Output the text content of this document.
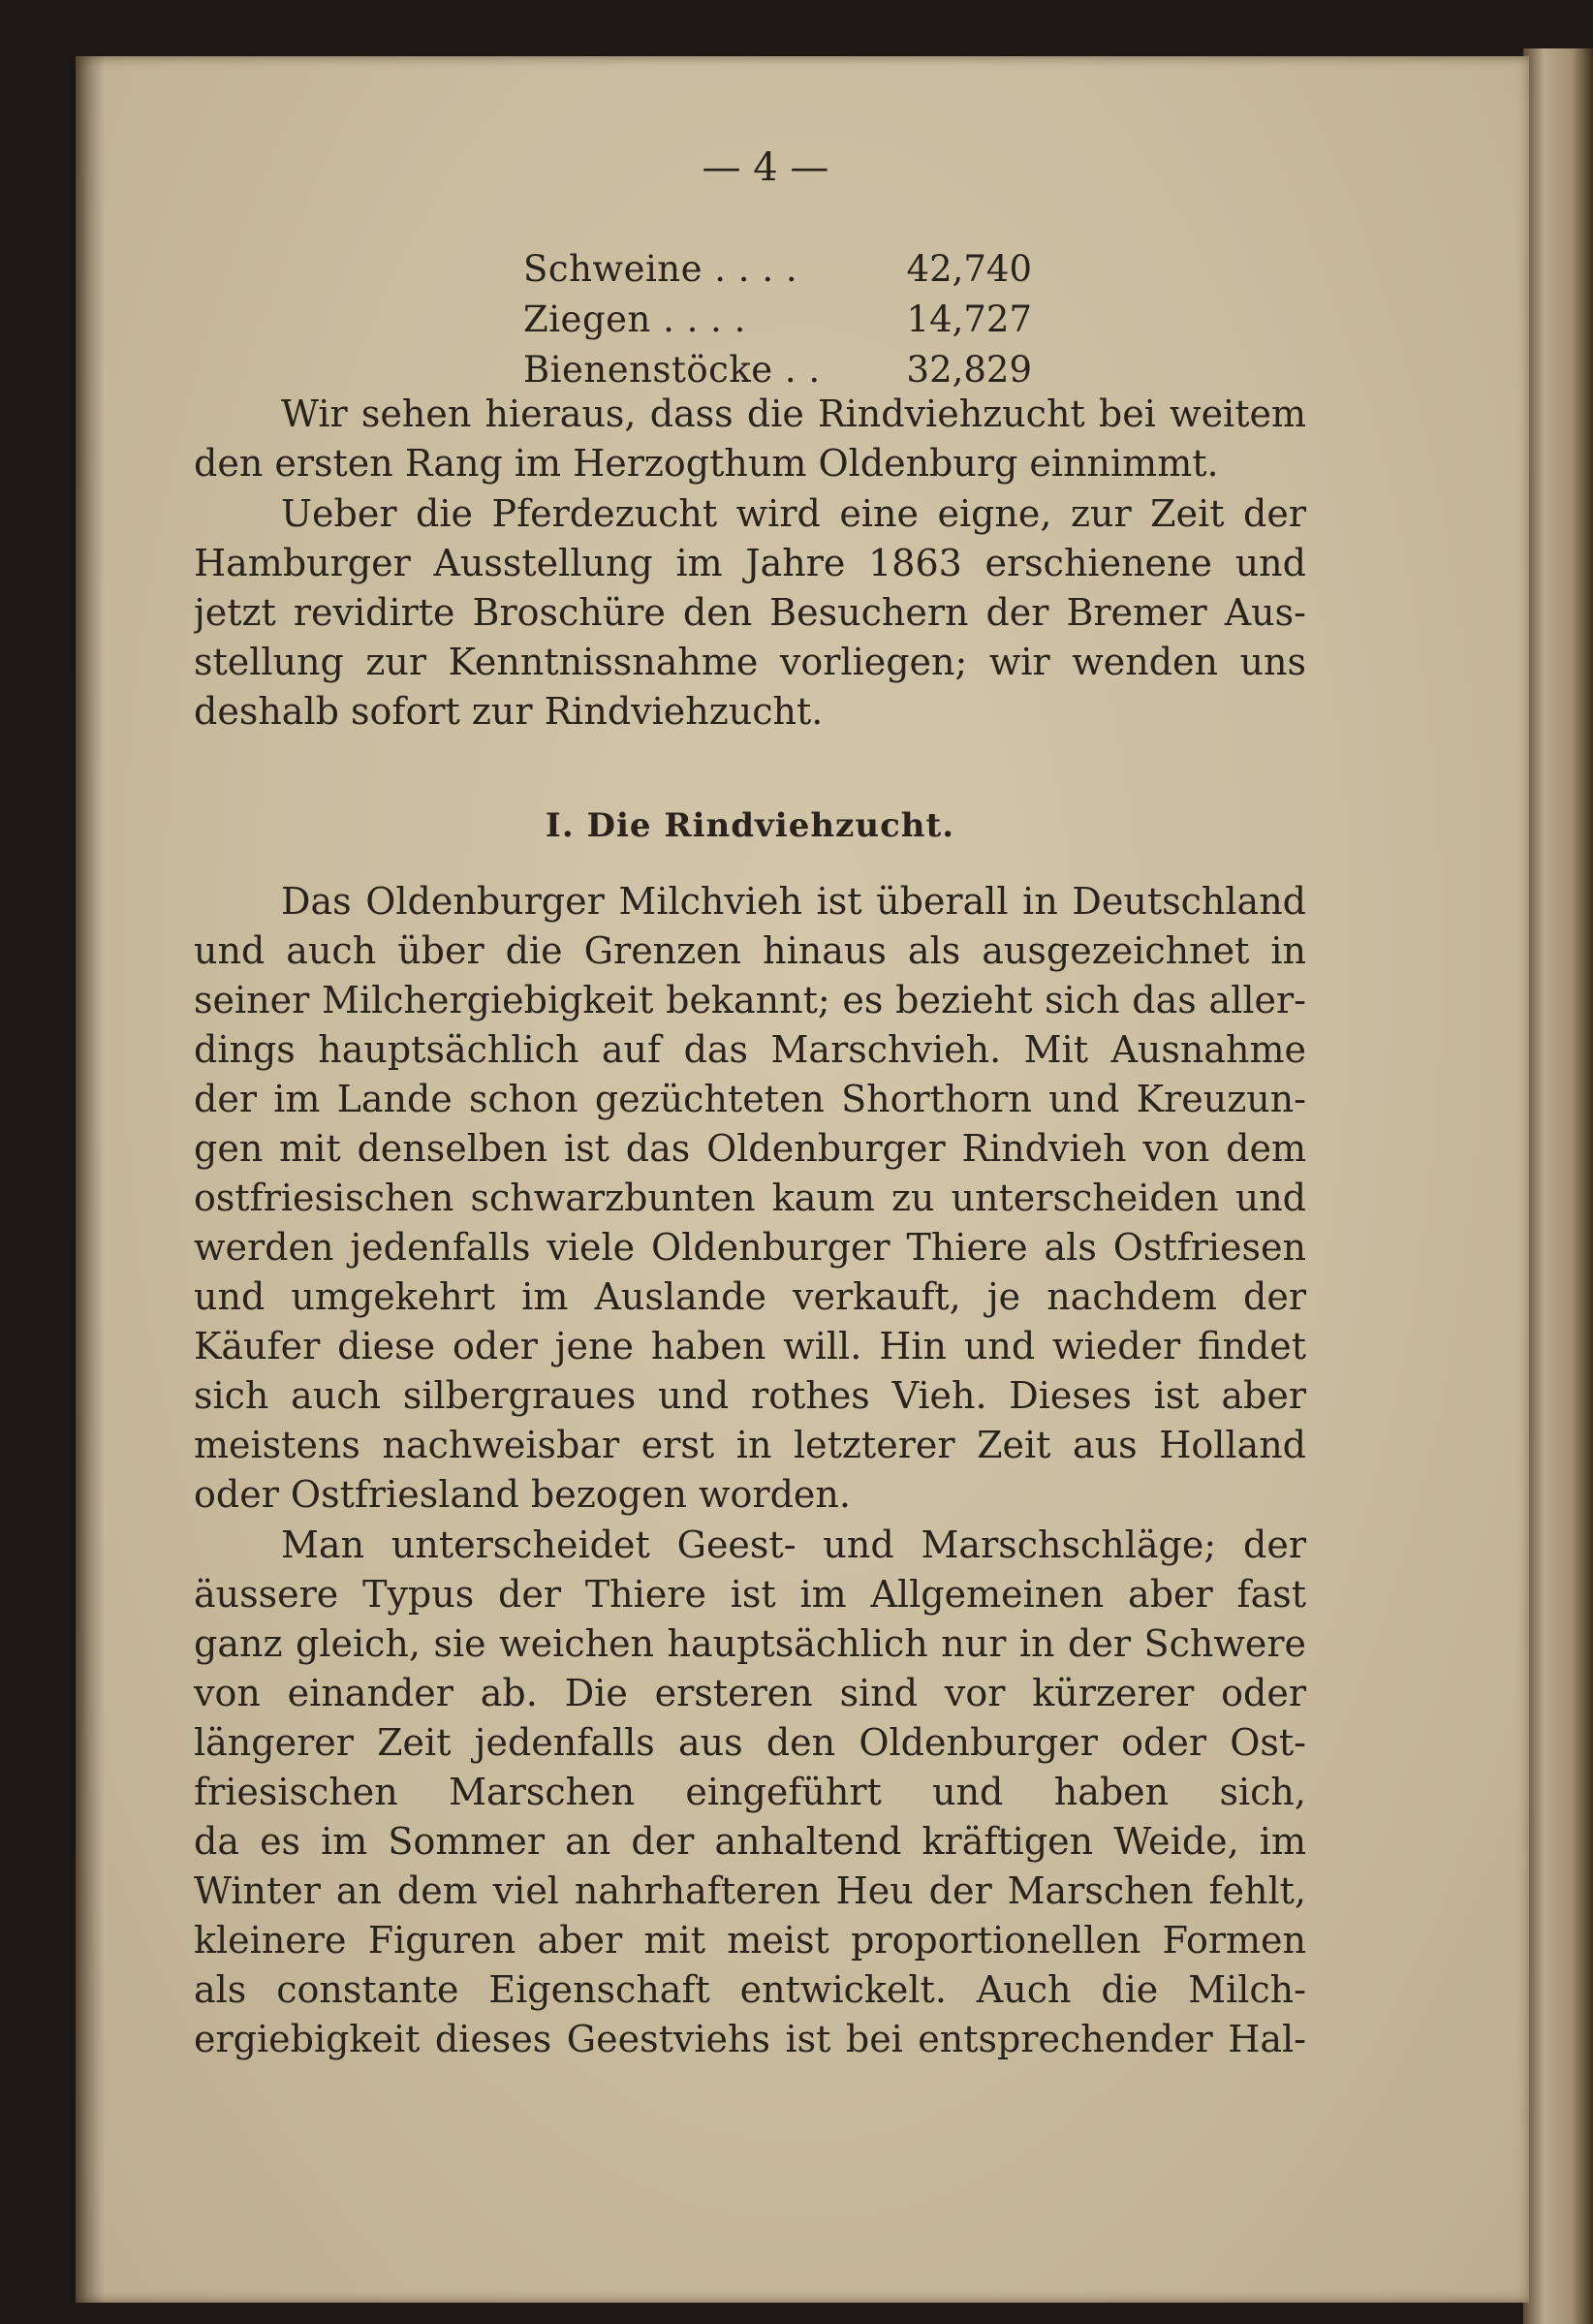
— 4 —
Schweine . . . .	42,740
Ziegen . . . .	14,727
Bienenstöcke . .	32,829
Wir sehen hieraus, dass die Rindviehzucht bei weitem
den ersten Rang im Herzogthum Oldenburg einnimmt.
Ueber die Pferdezucht wird eine eigne, zur Zeit der
Hamburger Ausstellung im Jahre 1863 erschienene und
jetzt revidirte Broschüre den Besuchern der Bremer Aus-
stellung zur Kenntnissnahme vorliegen; wir wenden uns
deshalb sofort zur Rindviehzucht.
I. Die Rindviehzucht.
Das Oldenburger Milchvieh ist überall in Deutschland
und auch über die Grenzen hinaus als ausgezeichnet in
seiner Milchergiebigkeit bekannt; es bezieht sich das aller-
dings hauptsächlich auf das Marschvieh. Mit Ausnahme
der im Lande schon gezüchteten Shorthorn und Kreuzun-
gen mit denselben ist das Oldenburger Rindvieh von dem
ostfriesischen schwarzbunten kaum zu unterscheiden und
werden jedenfalls viele Oldenburger Thiere als Ostfriesen
und umgekehrt im Auslande verkauft, je nachdem der
Käufer diese oder jene haben will. Hin und wieder findet
sich auch silbergraues und rothes Vieh. Dieses ist aber
meistens nachweisbar erst in letzterer Zeit aus Holland
oder Ostfriesland bezogen worden.
Man unterscheidet Geest- und Marschschläge; der
äussere Typus der Thiere ist im Allgemeinen aber fast
ganz gleich, sie weichen hauptsächlich nur in der Schwere
von einander ab. Die ersteren sind vor kürzerer oder
längerer Zeit jedenfalls aus den Oldenburger oder Ost-
friesischen Marschen eingeführt und haben sich,
da es im Sommer an der anhaltend kräftigen Weide, im
Winter an dem viel nahrhafteren Heu der Marschen fehlt,
kleinere Figuren aber mit meist proportionellen Formen
als constante Eigenschaft entwickelt. Auch die Milch-
ergiebigkeit dieses Geestviehs ist bei entsprechender Hal-
